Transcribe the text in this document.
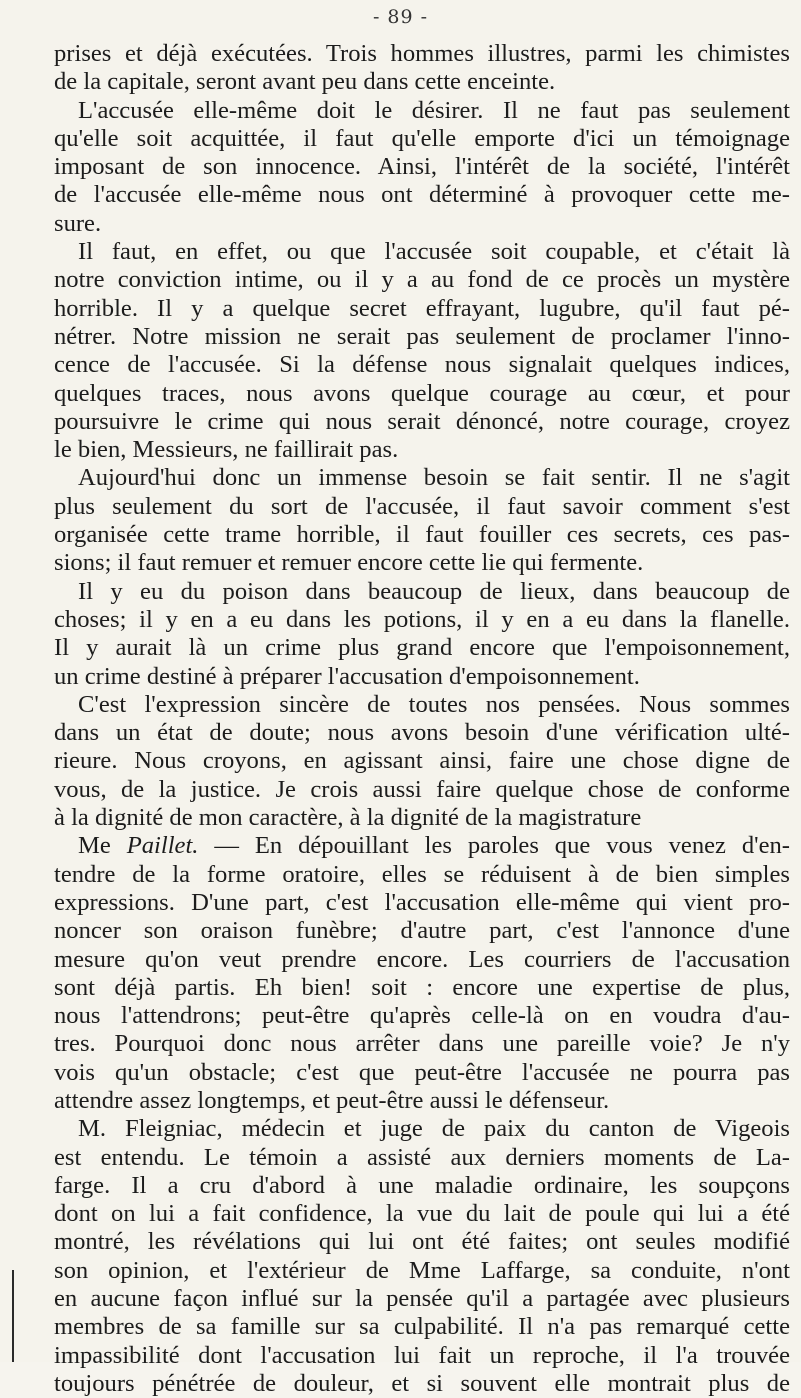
- 89 -
prises et déjà exécutées. Trois hommes illustres, parmi les chimistes
de la capitale, seront avant peu dans cette enceinte.
L'accusée elle-même doit le désirer. Il ne faut pas seulement
qu'elle soit acquittée, il faut qu'elle emporte d'ici un témoignage
imposant de son innocence. Ainsi, l'intérêt de la société, l'intérêt
de l'accusée elle-même nous ont déterminé à provoquer cette me-
sure.
Il faut, en effet, ou que l'accusée soit coupable, et c'était là
notre conviction intime, ou il y a au fond de ce procès un mystère
horrible. Il y a quelque secret effrayant, lugubre, qu'il faut pé-
nétrer. Notre mission ne serait pas seulement de proclamer l'inno-
cence de l'accusée. Si la défense nous signalait quelques indices,
quelques traces, nous avons quelque courage au cœur, et pour
poursuivre le crime qui nous serait dénoncé, notre courage, croyez
le bien, Messieurs, ne faillirait pas.
Aujourd'hui donc un immense besoin se fait sentir. Il ne s'agit
plus seulement du sort de l'accusée, il faut savoir comment s'est
organisée cette trame horrible, il faut fouiller ces secrets, ces pas-
sions; il faut remuer et remuer encore cette lie qui fermente.
Il y eu du poison dans beaucoup de lieux, dans beaucoup de
choses; il y en a eu dans les potions, il y en a eu dans la flanelle.
Il y aurait là un crime plus grand encore que l'empoisonnement,
un crime destiné à préparer l'accusation d'empoisonnement.
C'est l'expression sincère de toutes nos pensées. Nous sommes
dans un état de doute; nous avons besoin d'une vérification ulté-
rieure. Nous croyons, en agissant ainsi, faire une chose digne de
vous, de la justice. Je crois aussi faire quelque chose de conforme
à la dignité de mon caractère, à la dignité de la magistrature
Me Paillet. — En dépouillant les paroles que vous venez d'en-
tendre de la forme oratoire, elles se réduisent à de bien simples
expressions. D'une part, c'est l'accusation elle-même qui vient pro-
noncer son oraison funèbre; d'autre part, c'est l'annonce d'une
mesure qu'on veut prendre encore. Les courriers de l'accusation
sont déjà partis. Eh bien! soit : encore une expertise de plus,
nous l'attendrons; peut-être qu'après celle-là on en voudra d'au-
tres. Pourquoi donc nous arrêter dans une pareille voie? Je n'y
vois qu'un obstacle; c'est que peut-être l'accusée ne pourra pas
attendre assez longtemps, et peut-être aussi le défenseur.
M. Fleigniac, médecin et juge de paix du canton de Vigeois
est entendu. Le témoin a assisté aux derniers moments de La-
farge. Il a cru d'abord à une maladie ordinaire, les soupçons
dont on lui a fait confidence, la vue du lait de poule qui lui a été
montré, les révélations qui lui ont été faites; ont seules modifié
son opinion, et l'extérieur de Mme Laffarge, sa conduite, n'ont
en aucune façon influé sur la pensée qu'il a partagée avec plusieurs
membres de sa famille sur sa culpabilité. Il n'a pas remarqué cette
impassibilité dont l'accusation lui fait un reproche, il l'a trouvée
toujours pénétrée de douleur, et si souvent elle montrait plus de
